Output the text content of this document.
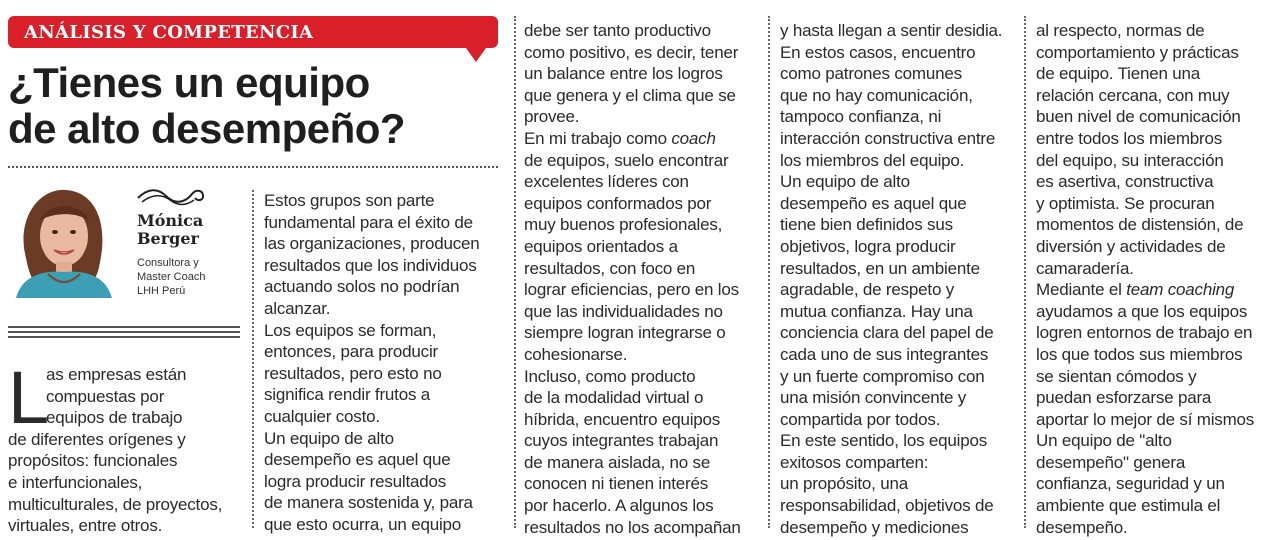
ANÁLISIS Y COMPETENCIA
¿Tienes un equipo
de alto desempeño?
Mónica
Berger
Consultora y
Master Coach
LHH Perú
L
as empresas están
compuestas por
equipos de trabajo
de diferentes orígenes y
propósitos: funcionales
e interfuncionales,
multiculturales, de proyectos,
virtuales, entre otros.
Estos grupos son parte
fundamental para el éxito de
las organizaciones, producen
resultados que los individuos
actuando solos no podrían
alcanzar.
Los equipos se forman,
entonces, para producir
resultados, pero esto no
significa rendir frutos a
cualquier costo.
Un equipo de alto
desempeño es aquel que
logra producir resultados
de manera sostenida y, para
que esto ocurra, un equipo
debe ser tanto productivo
como positivo, es decir, tener
un balance entre los logros
que genera y el clima que se
provee.
En mi trabajo como coach
de equipos, suelo encontrar
excelentes líderes con
equipos conformados por
muy buenos profesionales,
equipos orientados a
resultados, con foco en
lograr eficiencias, pero en los
que las individualidades no
siempre logran integrarse o
cohesionarse.
Incluso, como producto
de la modalidad virtual o
híbrida, encuentro equipos
cuyos integrantes trabajan
de manera aislada, no se
conocen ni tienen interés
por hacerlo. A algunos los
resultados no los acompañan
y hasta llegan a sentir desidia.
En estos casos, encuentro
como patrones comunes
que no hay comunicación,
tampoco confianza, ni
interacción constructiva entre
los miembros del equipo.
Un equipo de alto
desempeño es aquel que
tiene bien definidos sus
objetivos, logra producir
resultados, en un ambiente
agradable, de respeto y
mutua confianza. Hay una
conciencia clara del papel de
cada uno de sus integrantes
y un fuerte compromiso con
una misión convincente y
compartida por todos.
En este sentido, los equipos
exitosos comparten:
un propósito, una
responsabilidad, objetivos de
desempeño y mediciones
al respecto, normas de
comportamiento y prácticas
de equipo. Tienen una
relación cercana, con muy
buen nivel de comunicación
entre todos los miembros
del equipo, su interacción
es asertiva, constructiva
y optimista. Se procuran
momentos de distensión, de
diversión y actividades de
camaradería.
Mediante el team coaching
ayudamos a que los equipos
logren entornos de trabajo en
los que todos sus miembros
se sientan cómodos y
puedan esforzarse para
aportar lo mejor de sí mismos
Un equipo de "alto
desempeño" genera
confianza, seguridad y un
ambiente que estimula el
desempeño.
